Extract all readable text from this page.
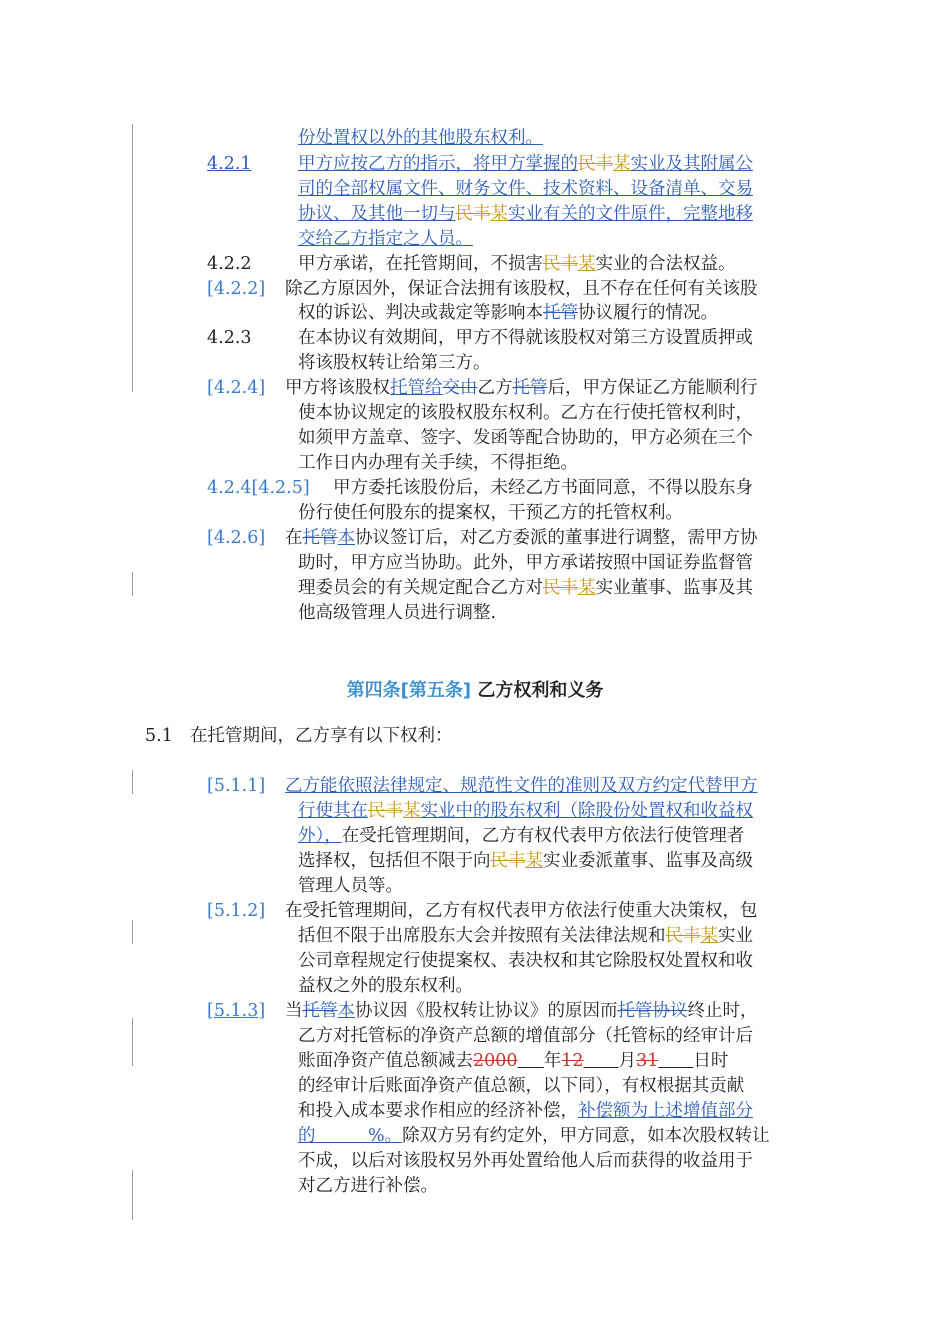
份处置权以外的其他股东权利。
4.2.1	甲方应按乙方的指示，将甲方掌握的民丰某实业及其附属公
司的全部权属文件、财务文件、技术资料、设备清单、交易
协议、及其他一切与民丰某实业有关的文件原件，完整地移
交给乙方指定之人员。
4.2.2	甲方承诺，在托管期间，不损害民丰某实业的合法权益。
[4.2.2] 除乙方原因外，保证合法拥有该股权，且不存在任何有关该股
权的诉讼、判决或裁定等影响本托管协议履行的情况。
4.2.3	在本协议有效期间，甲方不得就该股权对第三方设置质押或
将该股权转让给第三方。
[4.2.4] 甲方将该股权托管给交由乙方托管后，甲方保证乙方能顺利行
使本协议规定的该股权股东权利。乙方在行使托管权利时，
如须甲方盖章、签字、发函等配合协助的，甲方必须在三个
工作日内办理有关手续，不得拒绝。
4.2.4[4.2.5] 甲方委托该股份后，未经乙方书面同意，不得以股东身
份行使任何股东的提案权，干预乙方的托管权利。
[4.2.6] 在托管本协议签订后，对乙方委派的董事进行调整，需甲方协
助时，甲方应当协助。此外，甲方承诺按照中国证券监督管
理委员会的有关规定配合乙方对民丰某实业董事、监事及其
他高级管理人员进行调整.
第四条[第五条] 乙方权利和义务
5.1 在托管期间，乙方享有以下权利：
[5.1.1] 乙方能依照法律规定、规范性文件的准则及双方约定代替甲方
行使其在民丰某实业中的股东权利（除股份处置权和收益权
外），在受托管理期间，乙方有权代表甲方依法行使管理者
选择权，包括但不限于向民丰某实业委派董事、监事及高级
管理人员等。
[5.1.2] 在受托管理期间，乙方有权代表甲方依法行使重大决策权，包
括但不限于出席股东大会并按照有关法律法规和民丰某实业
公司章程规定行使提案权、表决权和其它除股权处置权和收
益权之外的股东权利。
[5.1.3] 当托管本协议因《股权转让协议》的原因而托管协议终止时，
乙方对托管标的净资产总额的增值部分（托管标的经审计后
账面净资产值总额减去2000   年12   月31   日时
的经审计后账面净资产值总额，以下同），有权根据其贡献
和投入成本要求作相应的经济补偿，补偿额为上述增值部分
的　　　%。除双方另有约定外，甲方同意，如本次股权转让
不成，以后对该股权另外再处置给他人后而获得的收益用于
对乙方进行补偿。
